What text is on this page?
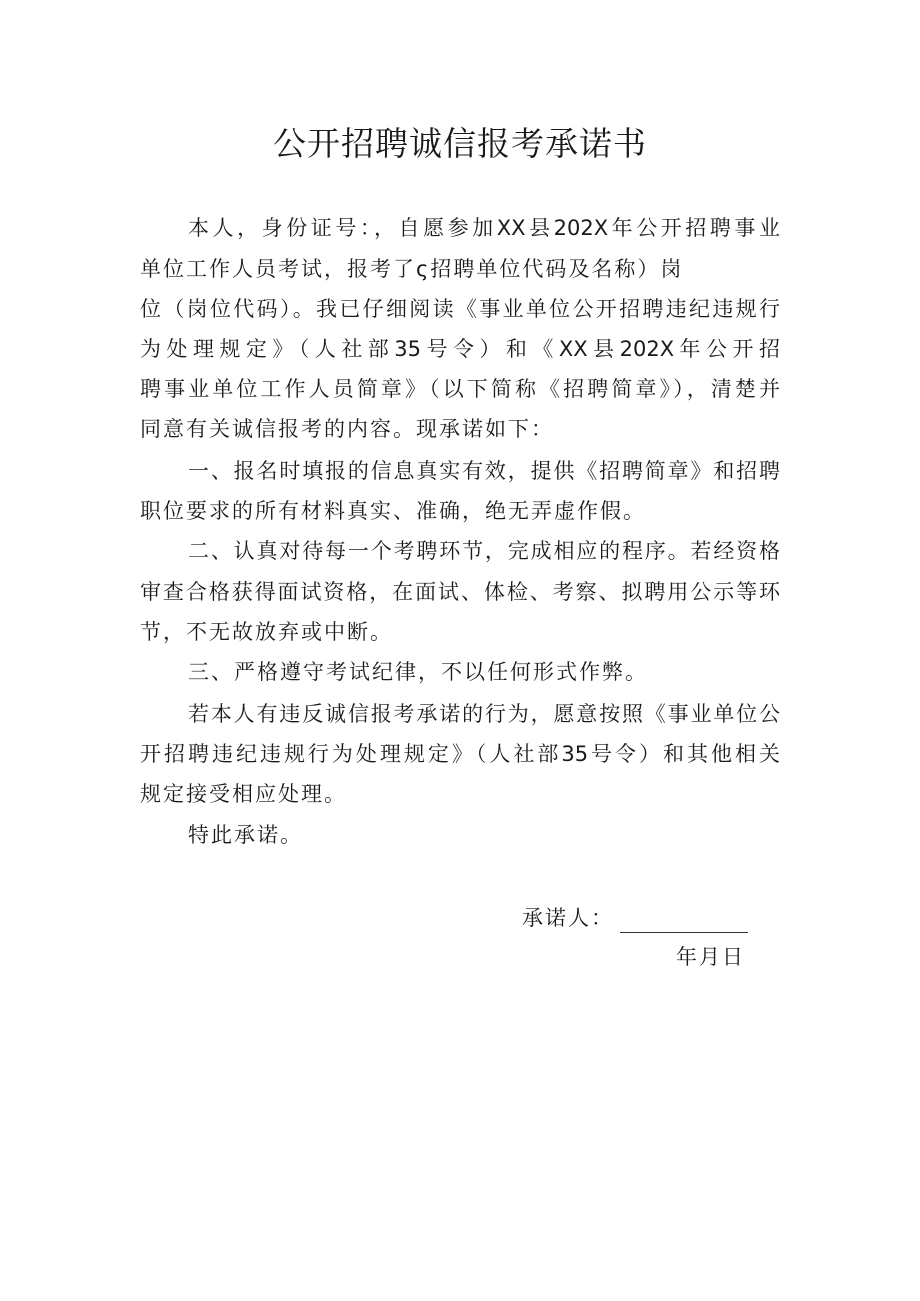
公开招聘诚信报考承诺书
本人，身份证号：，自愿参加XX县202X年公开招聘事业
单位工作人员考试，报考了ς招聘单位代码及名称）岗
位（岗位代码）。我已仔细阅读《事业单位公开招聘违纪违规行
为处理规定》（人社部35号令）和《XX县202X年公开招
聘事业单位工作人员简章》（以下简称《招聘简章》），清楚并
同意有关诚信报考的内容。现承诺如下：
一、报名时填报的信息真实有效，提供《招聘简章》和招聘
职位要求的所有材料真实、准确，绝无弄虚作假。
二、认真对待每一个考聘环节，完成相应的程序。若经资格
审查合格获得面试资格，在面试、体检、考察、拟聘用公示等环
节，不无故放弃或中断。
三、严格遵守考试纪律，不以任何形式作弊。
若本人有违反诚信报考承诺的行为，愿意按照《事业单位公
开招聘违纪违规行为处理规定》（人社部35号令）和其他相关
规定接受相应处理。
特此承诺。
承诺人：
年月日
